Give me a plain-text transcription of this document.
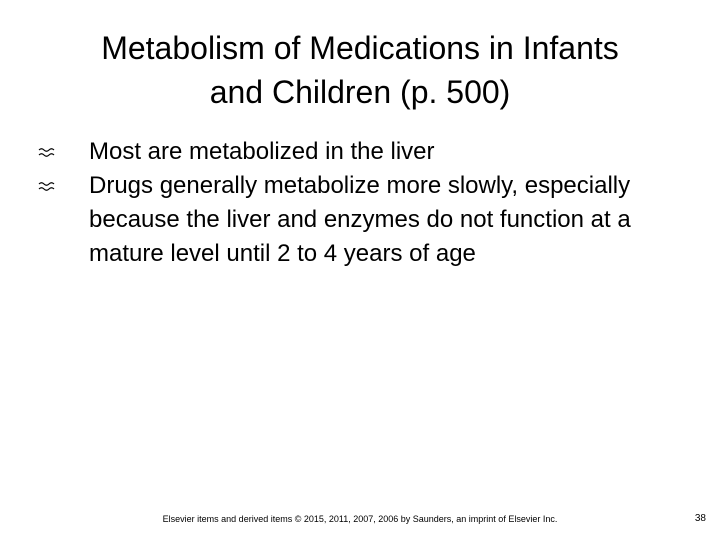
Metabolism of Medications in Infants
and Children (p. 500)
Most are metabolized in the liver
Drugs generally metabolize more slowly, especially because the liver and enzymes do not function at a mature level until 2 to 4 years of age
Elsevier items and derived items © 2015, 2011, 2007, 2006 by Saunders, an imprint of Elsevier Inc.	38
